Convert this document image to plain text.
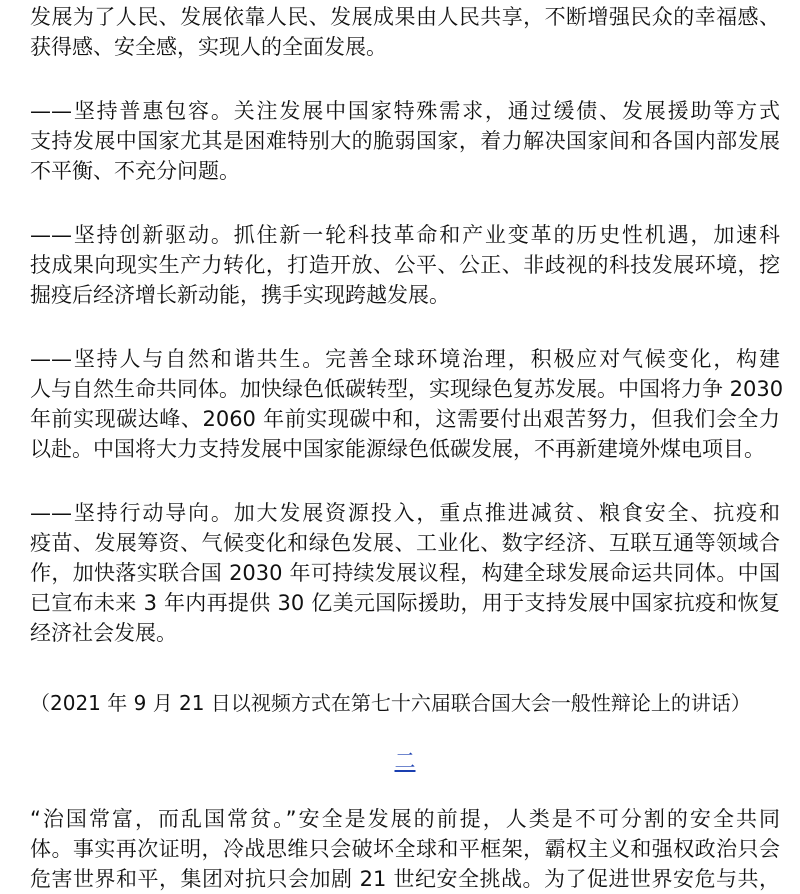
发展为了人民、发展依靠人民、发展成果由人民共享，不断增强民众的幸福感、
获得感、安全感，实现人的全面发展。
——坚持普惠包容。关注发展中国家特殊需求，通过缓债、发展援助等方式
支持发展中国家尤其是困难特别大的脆弱国家，着力解决国家间和各国内部发展
不平衡、不充分问题。
——坚持创新驱动。抓住新一轮科技革命和产业变革的历史性机遇，加速科
技成果向现实生产力转化，打造开放、公平、公正、非歧视的科技发展环境，挖
掘疫后经济增长新动能，携手实现跨越发展。
——坚持人与自然和谐共生。完善全球环境治理，积极应对气候变化，构建
人与自然生命共同体。加快绿色低碳转型，实现绿色复苏发展。中国将力争 2030
年前实现碳达峰、2060 年前实现碳中和，这需要付出艰苦努力，但我们会全力
以赴。中国将大力支持发展中国家能源绿色低碳发展，不再新建境外煤电项目。
——坚持行动导向。加大发展资源投入，重点推进减贫、粮食安全、抗疫和
疫苗、发展筹资、气候变化和绿色发展、工业化、数字经济、互联互通等领域合
作，加快落实联合国 2030 年可持续发展议程，构建全球发展命运共同体。中国
已宣布未来 3 年内再提供 30 亿美元国际援助，用于支持发展中国家抗疫和恢复
经济社会发展。
（2021 年 9 月 21 日以视频方式在第七十六届联合国大会一般性辩论上的讲话）
二
“治国常富，而乱国常贫。”安全是发展的前提，人类是不可分割的安全共同
体。事实再次证明，冷战思维只会破坏全球和平框架，霸权主义和强权政治只会
危害世界和平，集团对抗只会加剧 21 世纪安全挑战。为了促进世界安危与共，
